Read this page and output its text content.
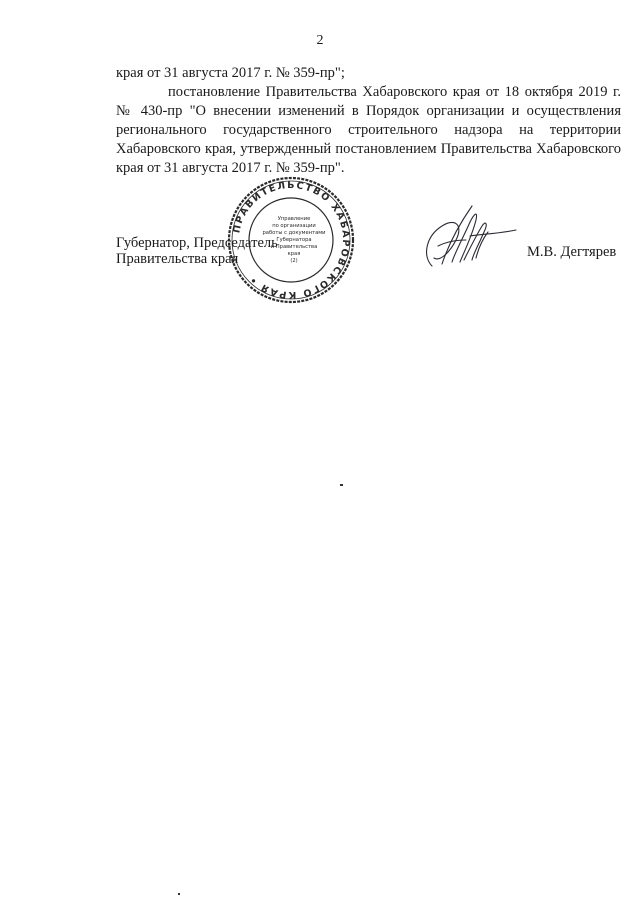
2
края от 31 августа 2017 г. № 359-пр";
постановление Правительства Хабаровского края от 18 октября 2019 г.
№ 430-пр "О внесении изменений в Порядок организации и осуществления
регионального государственного строительного надзора на территории
Хабаровского края, утвержденный постановлением Правительства Хабаровского
края от 31 августа 2017 г. № 359-пр".
Губернатор, Председатель
Правительства края	М.В. Дегтярев
ПРАВИТЕЛЬСТВО ХАБАРОВСКОГО КРАЯ •
Управление
по организации
работы с документами
Губернатора
и Правительства
края
(2)
